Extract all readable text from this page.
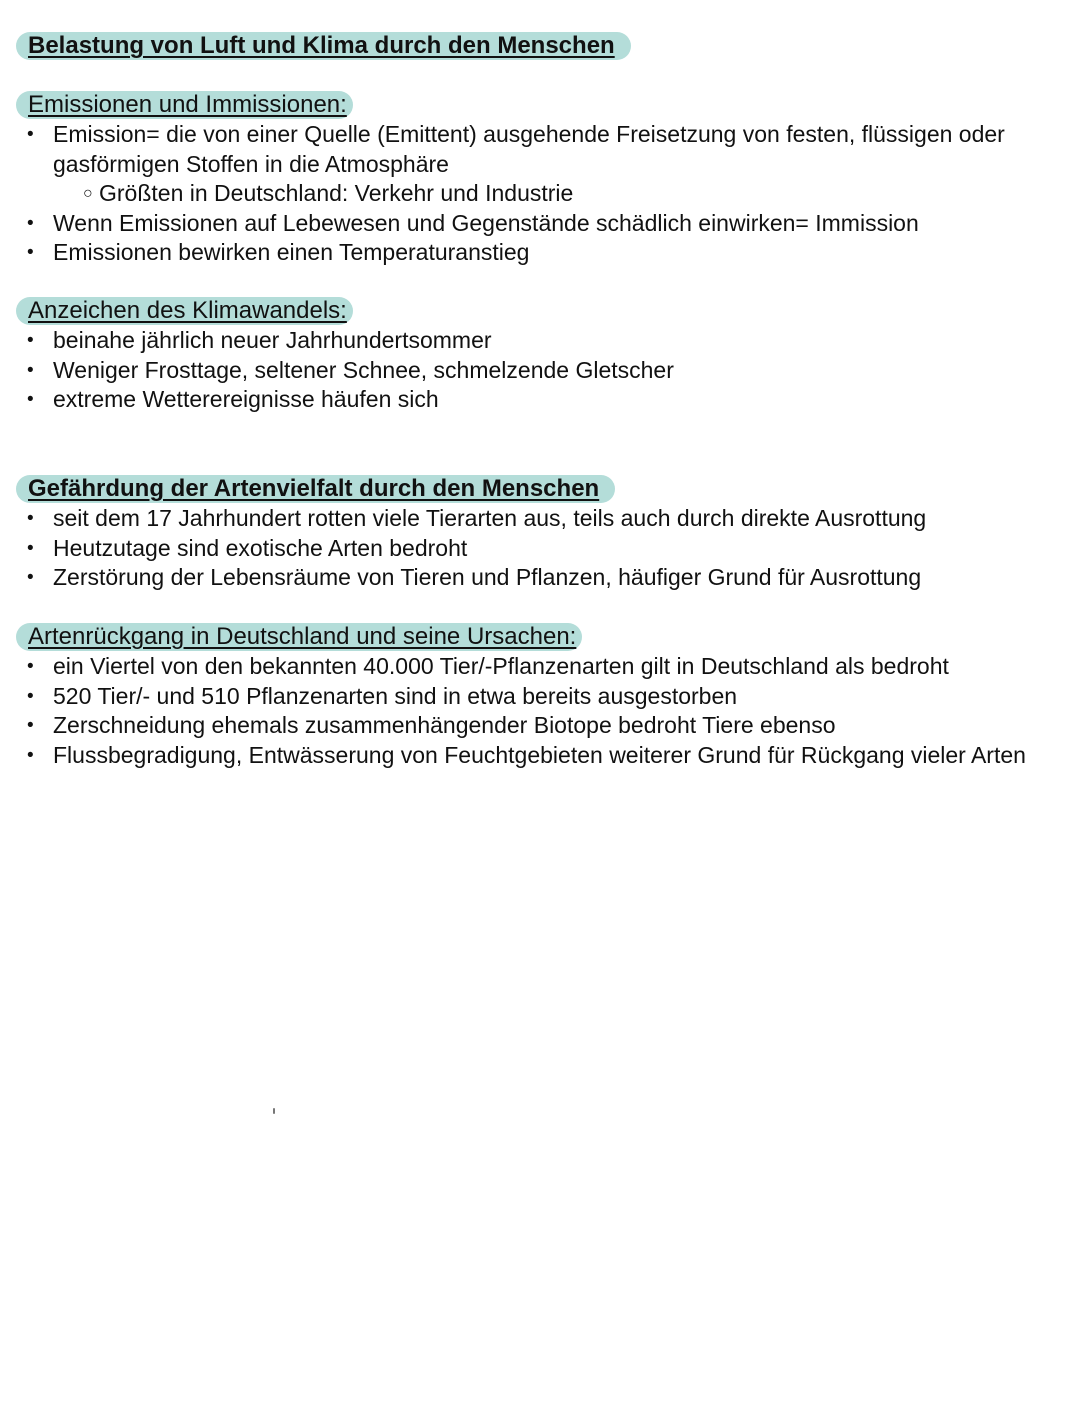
Belastung von Luft und Klima durch den Menschen
Emissionen und Immissionen:
• Emission= die von einer Quelle (Emittent) ausgehende Freisetzung von festen, flüssigen oder gasförmigen Stoffen in die Atmosphäre
○ Größten in Deutschland: Verkehr und Industrie
• Wenn Emissionen auf Lebewesen und Gegenstände schädlich einwirken= Immission
• Emissionen bewirken einen Temperaturanstieg
Anzeichen des Klimawandels:
• beinahe jährlich neuer Jahrhundertsommer
• Weniger Frosttage, seltener Schnee, schmelzende Gletscher
• extreme Wetterereignisse häufen sich
Gefährdung der Artenvielfalt durch den Menschen
• seit dem 17 Jahrhundert rotten viele Tierarten aus, teils auch durch direkte Ausrottung
• Heutzutage sind exotische Arten bedroht
• Zerstörung der Lebensräume von Tieren und Pflanzen, häufiger Grund für Ausrottung
Artenrückgang in Deutschland und seine Ursachen:
• ein Viertel von den bekannten 40.000 Tier/-Pflanzenarten gilt in Deutschland als bedroht
• 520 Tier/- und 510 Pflanzenarten sind in etwa bereits ausgestorben
• Zerschneidung ehemals zusammenhängender Biotope bedroht Tiere ebenso
• Flussbegradigung, Entwässerung von Feuchtgebieten weiterer Grund für Rückgang vieler Arten
